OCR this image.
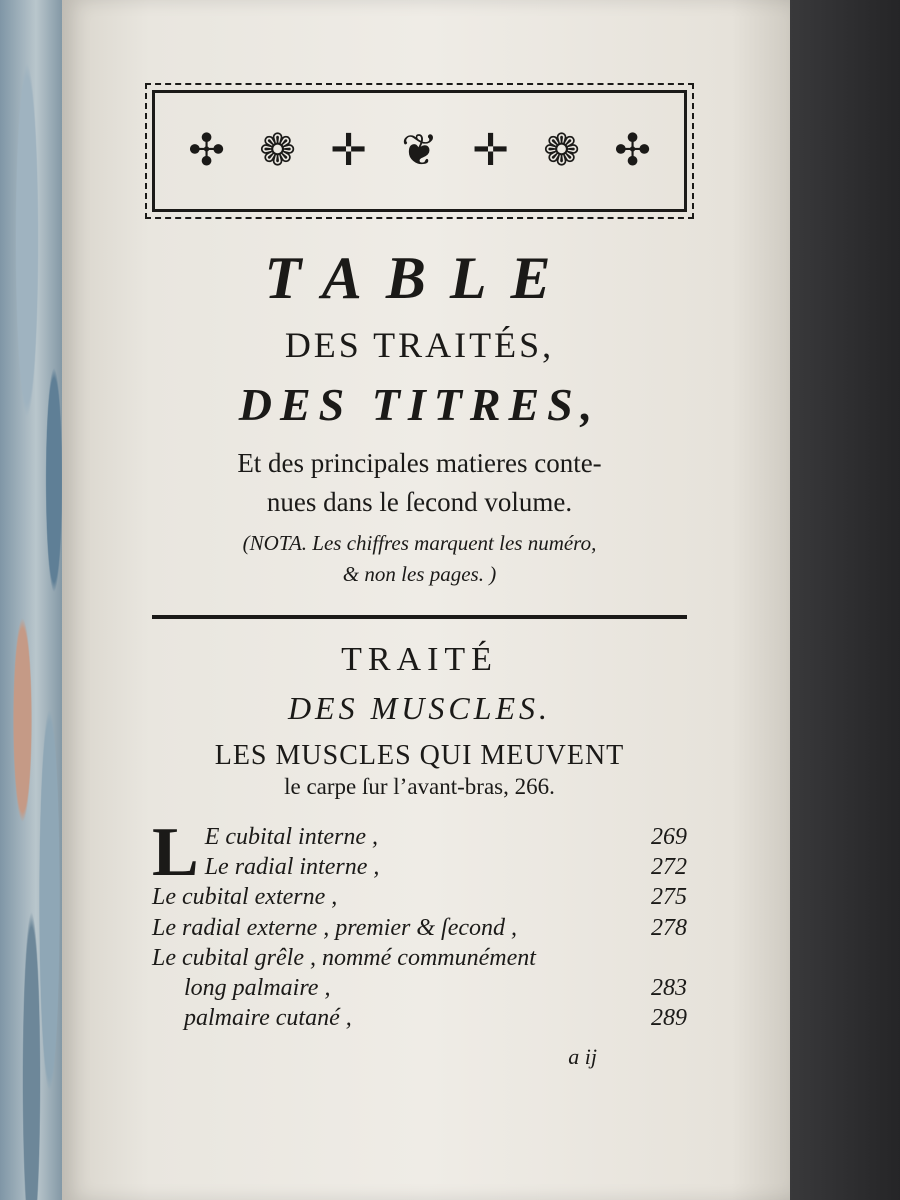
✣ ❁ ✛ ❦ ✛ ❁ ✣
TABLE
DES TRAITÉS,
DES TITRES,
Et des principales matieres conte-
nues dans le ſecond volume.
(NOTA. Les chiffres marquent les numéro,
& non les pages. )
TRAITÉ
DES MUSCLES.
LES MUSCLES QUI MEUVENT
le carpe ſur l’avant-bras, 266.
L E cubital interne ,	269
Le radial interne ,	272
Le cubital externe ,	275
Le radial externe , premier & ſecond ,	278
Le cubital grêle , nommé communément
long palmaire ,	283
palmaire cutané ,	289
a ij
